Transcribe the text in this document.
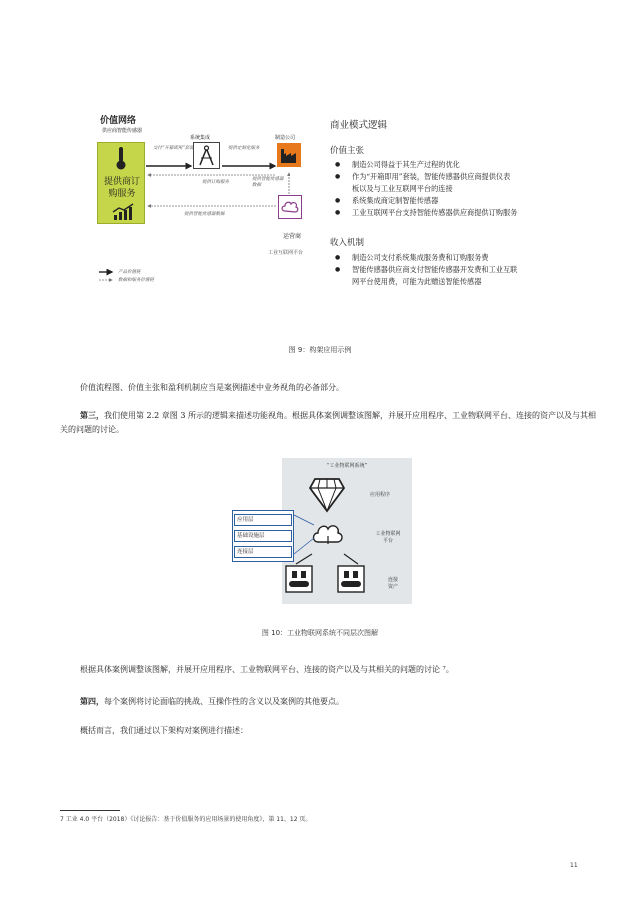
价值网络
供应商智能传感器
提供商订
购服务
系统集成	制造公司
运营商
工业互联网平台
交付“开箱即用”套装	提供定制化服务
提供订购服务
提供智能传感器数据
提供智能传感器数据
产品价值链
数据和服务价值链
商业模式逻辑
价值主张
● 制造公司得益于其生产过程的优化
● 作为“开箱即用”套装，智能传感器供应商提供仪表
板以及与工业互联网平台的连接
● 系统集成商定制智能传感器
● 工业互联网平台支持智能传感器供应商提供订购服务
收入机制
● 制造公司支付系统集成服务费和订购服务费
● 智能传感器供应商支付智能传感器开发费和工业互联
网平台使用费，可能为此赠送智能传感器
图 9：构架应用示例
价值流程图、价值主张和盈利机制应当是案例描述中业务视角的必备部分。
第三，我们使用第 2.2 章图 3 所示的逻辑来描述功能视角。根据具体案例调整该图解，并展开应用程序、工业物联网平台、连接的资产以及与其相关的问题的讨论。
“工业物联网系统”
应用程序
工业物联网
平台
连接
资产
应用层
基础设施层
连接层
图 10：工业物联网系统不同层次图解
根据具体案例调整该图解，并展开应用程序、工业物联网平台、连接的资产以及与其相关的问题的讨论 ⁷。
第四，每个案例将讨论面临的挑战、互操作性的含义以及案例的其他要点。
概括而言，我们通过以下架构对案例进行描述：
7 工业 4.0 平台（2018）《讨论报告：基于价值服务的应用场景的使用角度》，第 11、12 页。
11
